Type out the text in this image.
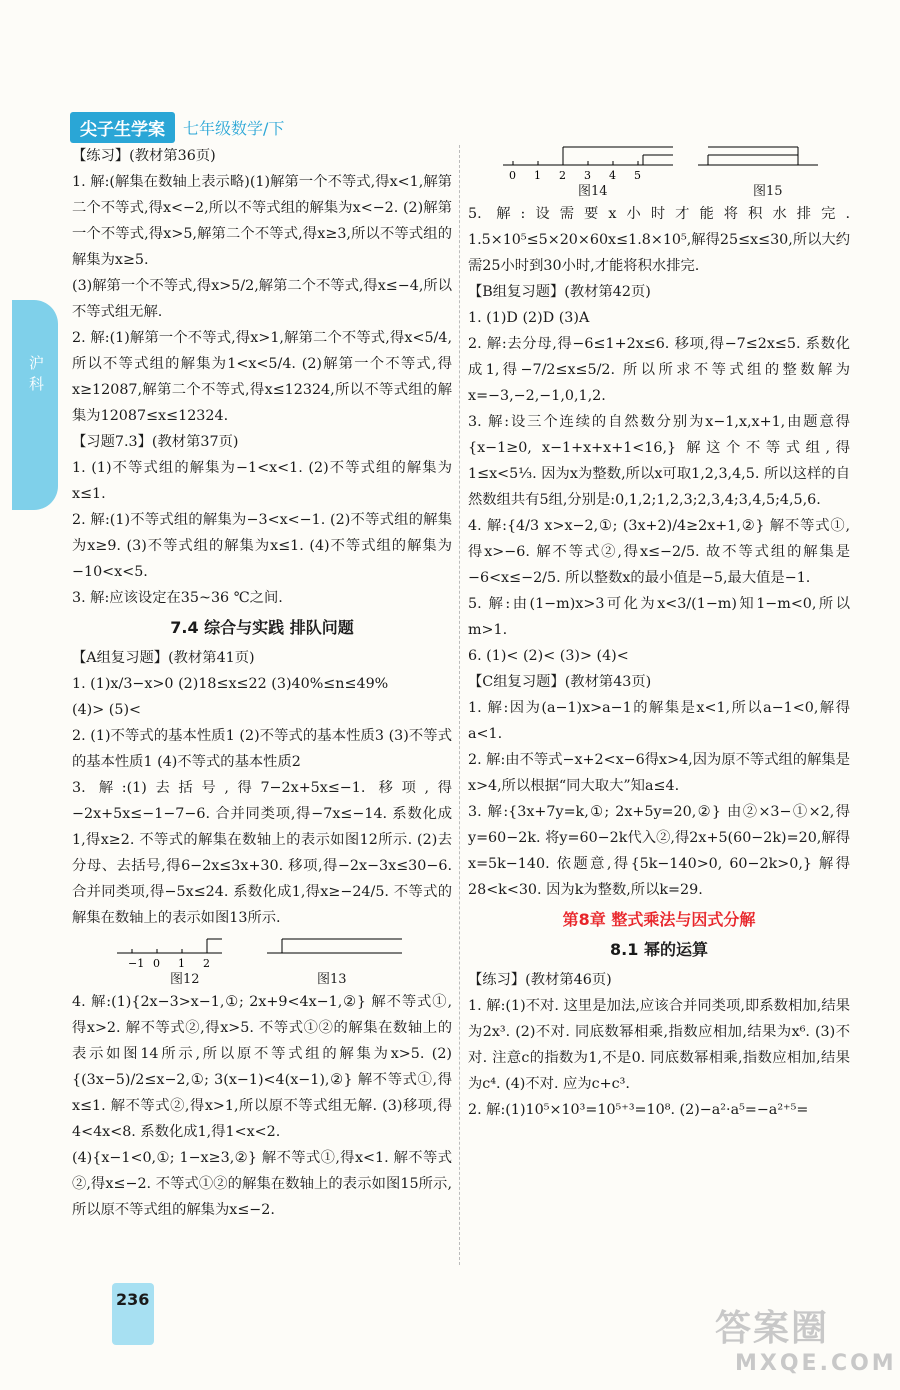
尖子生学案	七年级数学/下
沪科

【练习】(教材第36页)

1. 解:(解集在数轴上表示略)(1)解第一个不等式,得x<1,解第二个不等式,得x<−2,所以不等式组的解集为x<−2. (2)解第一个不等式,得x>5,解第二个不等式,得x≥3,所以不等式组的解集为x≥5.

(3)解第一个不等式,得x>5/2,解第二个不等式,得x≤−4,所以不等式组无解.

2. 解:(1)解第一个不等式,得x>1,解第二个不等式,得x<5/4,所以不等式组的解集为1<x<5/4. (2)解第一个不等式,得x≥12087,解第二个不等式,得x≤12324,所以不等式组的解集为12087≤x≤12324.

【习题7.3】(教材第37页)

1. (1)不等式组的解集为−1<x<1. (2)不等式组的解集为x≤1.

2. 解:(1)不等式组的解集为−3<x<−1. (2)不等式组的解集为x≥9. (3)不等式组的解集为x≤1. (4)不等式组的解集为−10<x<5.

3. 解:应该设定在35~36 ℃之间.

7.4 综合与实践 排队问题

【A组复习题】(教材第41页)

1. (1)x/3−x>0 (2)18≤x≤22 (3)40%≤n≤49%

(4)> (5)<

2. (1)不等式的基本性质1 (2)不等式的基本性质3 (3)不等式的基本性质1 (4)不等式的基本性质2

3. 解:(1)去括号,得7−2x+5x≤−1. 移项,得−2x+5x≤−1−7−6. 合并同类项,得−7x≤−14. 系数化成1,得x≥2. 不等式的解集在数轴上的表示如图12所示. (2)去分母、去括号,得6−2x≤3x+30. 移项,得−2x−3x≤30−6. 合并同类项,得−5x≤24. 系数化成1,得x≥−24/5. 不等式的解集在数轴上的表示如图13所示.

−1 0 1 2
图12	图13

4. 解:(1){2x−3>x−1,①; 2x+9<4x−1,②} 解不等式①,得x>2. 解不等式②,得x>5. 不等式①②的解集在数轴上的表示如图14所示,所以原不等式组的解集为x>5. (2){(3x−5)/2≤x−2,①; 3(x−1)<4(x−1),②} 解不等式①,得x≤1. 解不等式②,得x>1,所以原不等式组无解. (3)移项,得4<4x<8. 系数化成1,得1<x<2.

(4){x−1<0,①; 1−x≥3,②} 解不等式①,得x<1. 解不等式②,得x≤−2. 不等式①②的解集在数轴上的表示如图15所示,所以原不等式组的解集为x≤−2.

0 1 2 3 4 5
图14	图15

5. 解:设需要x小时才能将积水排完. 1.5×10⁵≤5×20×60x≤1.8×10⁵,解得25≤x≤30,所以大约需25小时到30小时,才能将积水排完.

【B组复习题】(教材第42页)

1. (1)D (2)D (3)A

2. 解:去分母,得−6≤1+2x≤6. 移项,得−7≤2x≤5. 系数化成1,得−7/2≤x≤5/2. 所以所求不等式组的整数解为x=−3,−2,−1,0,1,2.

3. 解:设三个连续的自然数分别为x−1,x,x+1,由题意得{x−1≥0, x−1+x+x+1<16,} 解这个不等式组,得1≤x<5⅓. 因为x为整数,所以x可取1,2,3,4,5. 所以这样的自然数组共有5组,分别是:0,1,2;1,2,3;2,3,4;3,4,5;4,5,6.

4. 解:{4/3 x>x−2,①; (3x+2)/4≥2x+1,②} 解不等式①,得x>−6. 解不等式②,得x≤−2/5. 故不等式组的解集是−6<x≤−2/5. 所以整数x的最小值是−5,最大值是−1.

5. 解:由(1−m)x>3可化为x<3/(1−m)知1−m<0,所以m>1.

6. (1)< (2)< (3)> (4)<

【C组复习题】(教材第43页)

1. 解:因为(a−1)x>a−1的解集是x<1,所以a−1<0,解得a<1.

2. 解:由不等式−x+2<x−6得x>4,因为原不等式组的解集是x>4,所以根据“同大取大”知a≤4.

3. 解:{3x+7y=k,①; 2x+5y=20,②} 由②×3−①×2,得y=60−2k. 将y=60−2k代入②,得2x+5(60−2k)=20,解得x=5k−140. 依题意,得{5k−140>0, 60−2k>0,} 解得28<k<30. 因为k为整数,所以k=29.

第8章 整式乘法与因式分解
8.1 幂的运算

【练习】(教材第46页)

1. 解:(1)不对. 这里是加法,应该合并同类项,即系数相加,结果为2x³. (2)不对. 同底数幂相乘,指数应相加,结果为x⁶. (3)不对. 注意c的指数为1,不是0. 同底数幂相乘,指数应相加,结果为c⁴. (4)不对. 应为c+c³.

2. 解:(1)10⁵×10³=10⁵⁺³=10⁸. (2)−a²·a⁵=−a²⁺⁵=

236
答案圈
MXQE.COM
